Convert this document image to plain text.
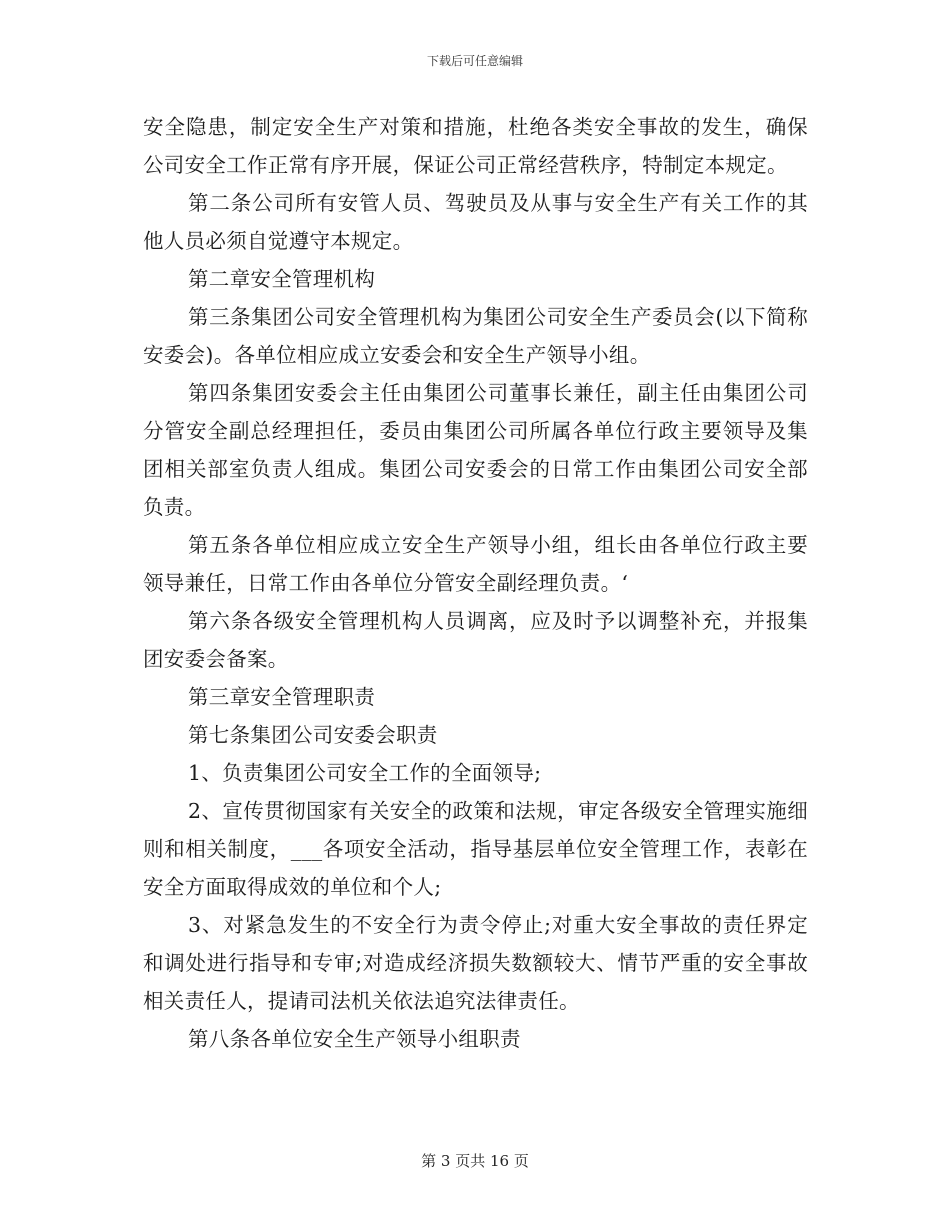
下载后可任意编辑

安全隐患，制定安全生产对策和措施，杜绝各类安全事故的发生，确保公司安全工作正常有序开展，保证公司正常经营秩序，特制定本规定。

第二条公司所有安管人员、驾驶员及从事与安全生产有关工作的其他人员必须自觉遵守本规定。

第二章安全管理机构

第三条集团公司安全管理机构为集团公司安全生产委员会(以下简称安委会)。各单位相应成立安委会和安全生产领导小组。

第四条集团安委会主任由集团公司董事长兼任，副主任由集团公司分管安全副总经理担任，委员由集团公司所属各单位行政主要领导及集团相关部室负责人组成。集团公司安委会的日常工作由集团公司安全部负责。

第五条各单位相应成立安全生产领导小组，组长由各单位行政主要领导兼任，日常工作由各单位分管安全副经理负责。‘

第六条各级安全管理机构人员调离，应及时予以调整补充，并报集团安委会备案。

第三章安全管理职责

第七条集团公司安委会职责

1、负责集团公司安全工作的全面领导;

2、宣传贯彻国家有关安全的政策和法规，审定各级安全管理实施细则和相关制度，___各项安全活动，指导基层单位安全管理工作，表彰在安全方面取得成效的单位和个人;

3、对紧急发生的不安全行为责令停止;对重大安全事故的责任界定和调处进行指导和专审;对造成经济损失数额较大、情节严重的安全事故相关责任人，提请司法机关依法追究法律责任。

第八条各单位安全生产领导小组职责

第 3 页共 16 页
